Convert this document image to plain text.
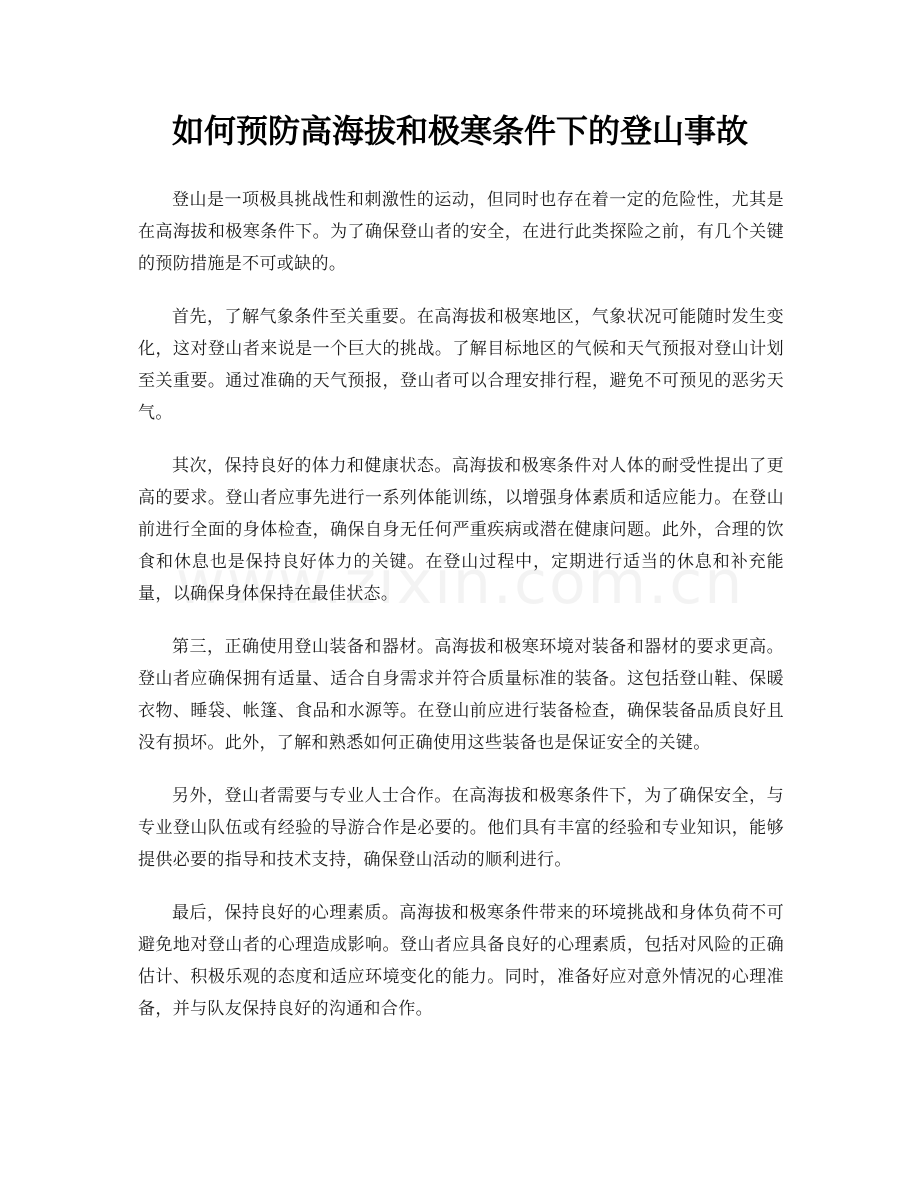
如何预防高海拔和极寒条件下的登山事故

登山是一项极具挑战性和刺激性的运动，但同时也存在着一定的危险性，尤其是在高海拔和极寒条件下。为了确保登山者的安全，在进行此类探险之前，有几个关键的预防措施是不可或缺的。

首先，了解气象条件至关重要。在高海拔和极寒地区，气象状况可能随时发生变化，这对登山者来说是一个巨大的挑战。了解目标地区的气候和天气预报对登山计划至关重要。通过准确的天气预报，登山者可以合理安排行程，避免不可预见的恶劣天气。

其次，保持良好的体力和健康状态。高海拔和极寒条件对人体的耐受性提出了更高的要求。登山者应事先进行一系列体能训练，以增强身体素质和适应能力。在登山前进行全面的身体检查，确保自身无任何严重疾病或潜在健康问题。此外，合理的饮食和休息也是保持良好体力的关键。在登山过程中，定期进行适当的休息和补充能量，以确保身体保持在最佳状态。

第三，正确使用登山装备和器材。高海拔和极寒环境对装备和器材的要求更高。登山者应确保拥有适量、适合自身需求并符合质量标准的装备。这包括登山鞋、保暖衣物、睡袋、帐篷、食品和水源等。在登山前应进行装备检查，确保装备品质良好且没有损坏。此外，了解和熟悉如何正确使用这些装备也是保证安全的关键。

另外，登山者需要与专业人士合作。在高海拔和极寒条件下，为了确保安全，与专业登山队伍或有经验的导游合作是必要的。他们具有丰富的经验和专业知识，能够提供必要的指导和技术支持，确保登山活动的顺利进行。

最后，保持良好的心理素质。高海拔和极寒条件带来的环境挑战和身体负荷不可避免地对登山者的心理造成影响。登山者应具备良好的心理素质，包括对风险的正确估计、积极乐观的态度和适应环境变化的能力。同时，准备好应对意外情况的心理准备，并与队友保持良好的沟通和合作。
